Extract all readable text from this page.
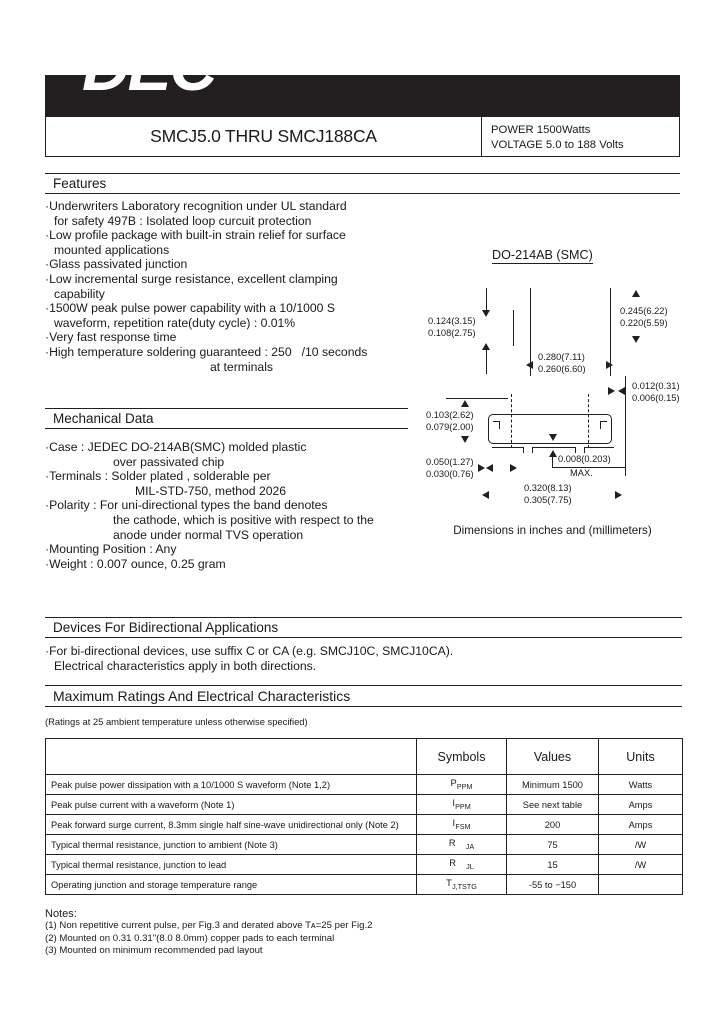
DEC
SMCJ5.0 THRU SMCJ188CA	POWER 1500Watts
VOLTAGE 5.0 to 188 Volts
Features
· Underwriters Laboratory recognition under UL standard
for safety 497B : Isolated loop curcuit protection
· Low profile package with built-in strain relief for surface
mounted applications
· Glass passivated junction
· Low incremental surge resistance, excellent clamping
capability
· 1500W peak pulse power capability with a 10/1000 S
waveform, repetition rate(duty cycle) : 0.01%
· Very fast response time
· High temperature soldering guaranteed : 250 /10 seconds
at terminals
Mechanical Data
· Case : JEDEC DO-214AB(SMC) molded plastic
over passivated chip
· Terminals : Solder plated , solderable per
MIL-STD-750, method 2026
· Polarity : For uni-directional types the band denotes
the cathode, which is positive with respect to the
anode under normal TVS operation
· Mounting Position : Any
· Weight : 0.007 ounce, 0.25 gram
DO-214AB (SMC)
0.124(3.15)
0.108(2.75)
0.245(6.22)
0.220(5.59)
0.280(7.11)
0.260(6.60)
0.012(0.31)
0.006(0.15)
0.103(2.62)
0.079(2.00)
0.008(0.203)
MAX.
0.050(1.27)
0.030(0.76)
0.320(8.13)
0.305(7.75)
Dimensions in inches and (millimeters)
Devices For Bidirectional Applications
· For bi-directional devices, use suffix C or CA (e.g. SMCJ10C, SMCJ10CA).
Electrical characteristics apply in both directions.
Maximum Ratings And Electrical Characteristics
(Ratings at 25 ambient temperature unless otherwise specified)
	Symbols	Values	Units
Peak pulse power dissipation with a 10/1000 S waveform (Note 1,2)	$P_{PPM}$	Minimum 1500	Watts
Peak pulse current with a waveform (Note 1)	$I_{PPM}$	See next table	Amps
Peak forward surge current, 8.3mm single half sine-wave unidirectional only (Note 2)	$I_{FSM}$	200	Amps
Typical thermal resistance, junction to ambient (Note 3)	R $_{JA}$	75	/W
Typical thermal resistance, junction to lead	R $_{JL}$	15	/W
Operating junction and storage temperature range	$T_{J,TSTG}$	-55 to −150	
Notes:
(1) Non repetitive current pulse, per Fig.3 and derated above Tᴀ=25 per Fig.2
(2) Mounted on 0.31 0.31"(8.0 8.0mm) copper pads to each terminal
(3) Mounted on minimum recommended pad layout
